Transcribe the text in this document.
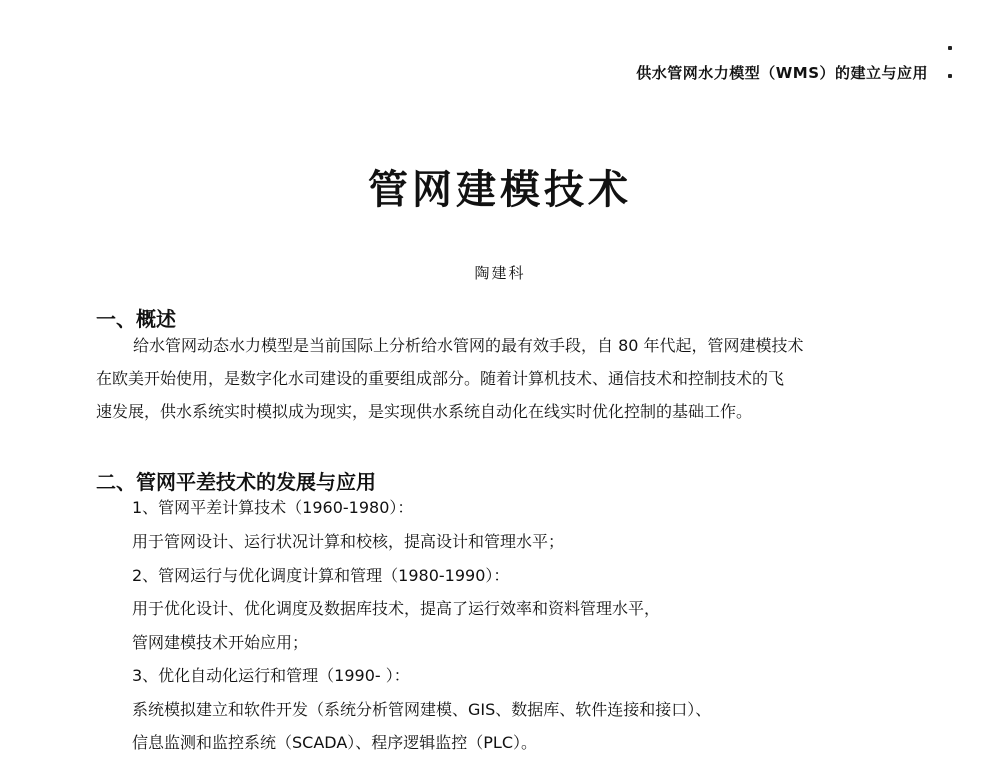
供水管网水力模型（WMS）的建立与应用
管网建模技术
陶建科
一、概述
给水管网动态水力模型是当前国际上分析给水管网的最有效手段，自 80 年代起，管网建模技术
在欧美开始使用，是数字化水司建设的重要组成部分。随着计算机技术、通信技术和控制技术的飞
速发展，供水系统实时模拟成为现实，是实现供水系统自动化在线实时优化控制的基础工作。
二、管网平差技术的发展与应用
1、管网平差计算技术（1960-1980）：
用于管网设计、运行状况计算和校核，提高设计和管理水平；
2、管网运行与优化调度计算和管理（1980-1990）：
用于优化设计、优化调度及数据库技术，提高了运行效率和资料管理水平，
管网建模技术开始应用；
3、优化自动化运行和管理（1990- ）：
系统模拟建立和软件开发（系统分析管网建模、GIS、数据库、软件连接和接口）、
信息监测和监控系统（SCADA）、程序逻辑监控（PLC）。
